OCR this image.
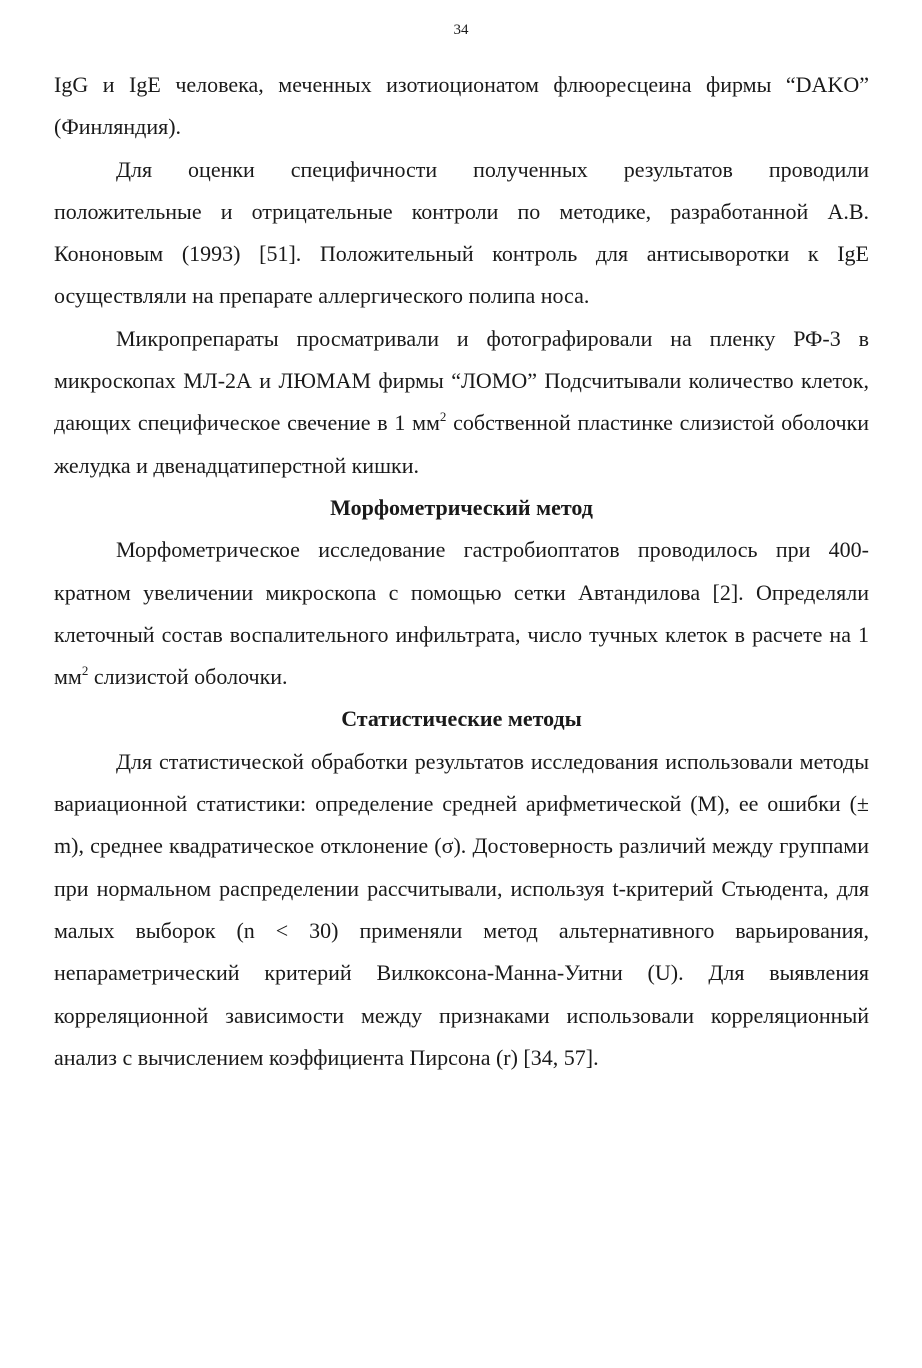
34

IgG и IgE человека, меченных изотиоционатом флюоресцеина фирмы “DAKO” (Финляндия).

Для оценки специфичности полученных результатов проводили положительные и отрицательные контроли по методике, разработанной А.В. Кононовым (1993) [51]. Положительный контроль для антисыворотки к IgE осуществляли на препарате аллергического полипа носа.

Микропрепараты просматривали и фотографировали на пленку РФ-3 в микроскопах МЛ-2А и ЛЮМАМ фирмы “ЛОМО” Подсчитывали количество клеток, дающих специфическое свечение в 1 $мм^2$ собственной пластинке слизистой оболочки желудка и двенадцатиперстной кишки.

Морфометрический метод

Морфометрическое исследование гастробиоптатов проводилось при 400-кратном увеличении микроскопа с помощью сетки Автандилова [2]. Определяли клеточный состав воспалительного инфильтрата, число тучных клеток в расчете на 1 $мм^2$ слизистой оболочки.

Статистические методы

Для статистической обработки результатов исследования использовали методы вариационной статистики: определение средней арифметической (М), ее ошибки (± m), среднее квадратическое отклонение (σ). Достоверность различий между группами при нормальном распределении рассчитывали, используя t-критерий Стьюдента, для малых выборок (n < 30) применяли метод альтернативного варьирования, непараметрический критерий Вилкоксона-Манна-Уитни (U). Для выявления корреляционной зависимости между признаками использовали корреляционный анализ с вычислением коэффициента Пирсона (r) [34, 57].
